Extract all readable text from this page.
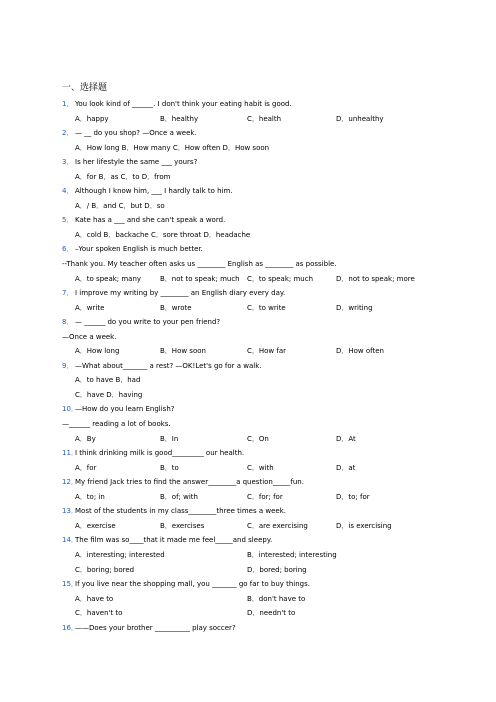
一、选择题
1． You look kind of ______. I don't think your eating habit is good.
A．happy	B．healthy	C．health	D．unhealthy
2． — __ do you shop? —Once a week.
A．How long B．How many C．How often D．How soon
3． Is her lifestyle the same ___ yours?
A．for B．as C．to D．from
4． Although I know him, ___ I hardly talk to him.
A．/ B．and C．but D．so
5． Kate has a ___ and she can't speak a word.
A．cold B．backache C．sore throat D．headache
6． –Your spoken English is much better.
--Thank you. My teacher often asks us ________ English as ________ as possible.
A．to speak; many	B．not to speak; much C．to speak; much	D．not to speak; more
7． I improve my writing by ________ an English diary every day.
A．write	B．wrote	C．to write	D．writing
8． — ______ do you write to your pen friend?
—Once a week.
A．How long	B．How soon	C．How far	D．How often
9． —What about_______ a rest? —OK!Let's go for a walk.
A．to have B．had
C．have D．having
10．
—How do you learn English?
—______ reading a lot of books.
A．By	B．In	C．On	D．At
11．
I think drinking milk is good_________ our health.
A．for	B．to	C．with	D．at
12．
My friend Jack tries to find the answer________a question_____fun.
A．to; in	B．of; with	C．for; for	D．to; for
13．
Most of the students in my class________three times a week.
A．exercise	B．exercises	C．are exercising	D．is exercising
14．
The film was so____that it made me feel_____and sleepy.
A．interesting; interested	B．interested; interesting
C．boring; bored	D．bored; boring
15．
If you live near the shopping mall, you _______ go far to buy things.
A．have to	B．don't have to
C．haven't to	D．needn't to
16．
——Does your brother __________ play soccer?
